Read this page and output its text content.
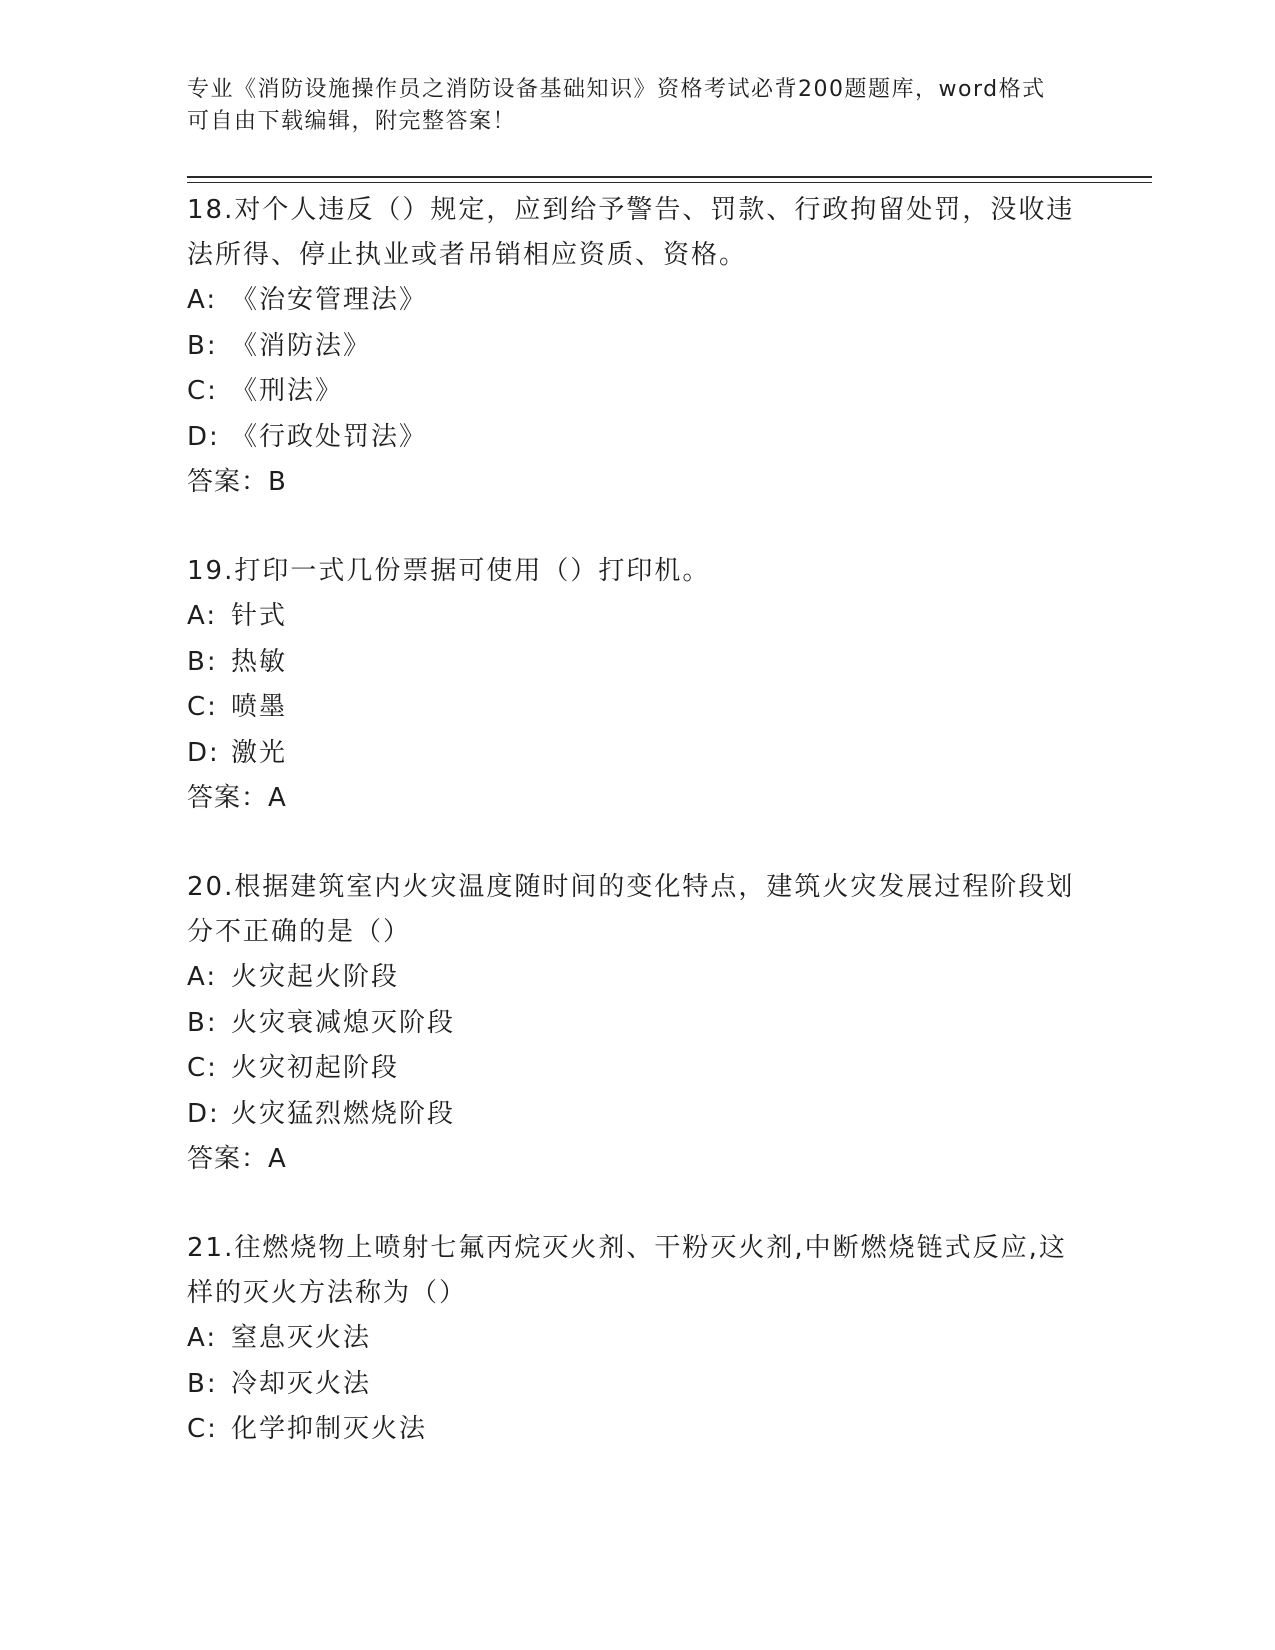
专业《消防设施操作员之消防设备基础知识》资格考试必背200题题库，word格式可自由下载编辑，附完整答案！

18.对个人违反（）规定，应到给予警告、罚款、行政拘留处罚，没收违法所得、停止执业或者吊销相应资质、资格。

A: 《治安管理法》

B: 《消防法》

C: 《刑法》

D: 《行政处罚法》

答案：B

19.打印一式几份票据可使用（）打印机。

A: 针式

B: 热敏

C: 喷墨

D: 激光

答案：A

20.根据建筑室内火灾温度随时间的变化特点，建筑火灾发展过程阶段划分不正确的是（）

A: 火灾起火阶段

B: 火灾衰减熄灭阶段

C: 火灾初起阶段

D: 火灾猛烈燃烧阶段

答案：A

21.往燃烧物上喷射七氟丙烷灭火剂、干粉灭火剂,中断燃烧链式反应,这样的灭火方法称为（）

A: 窒息灭火法

B: 冷却灭火法

C: 化学抑制灭火法
